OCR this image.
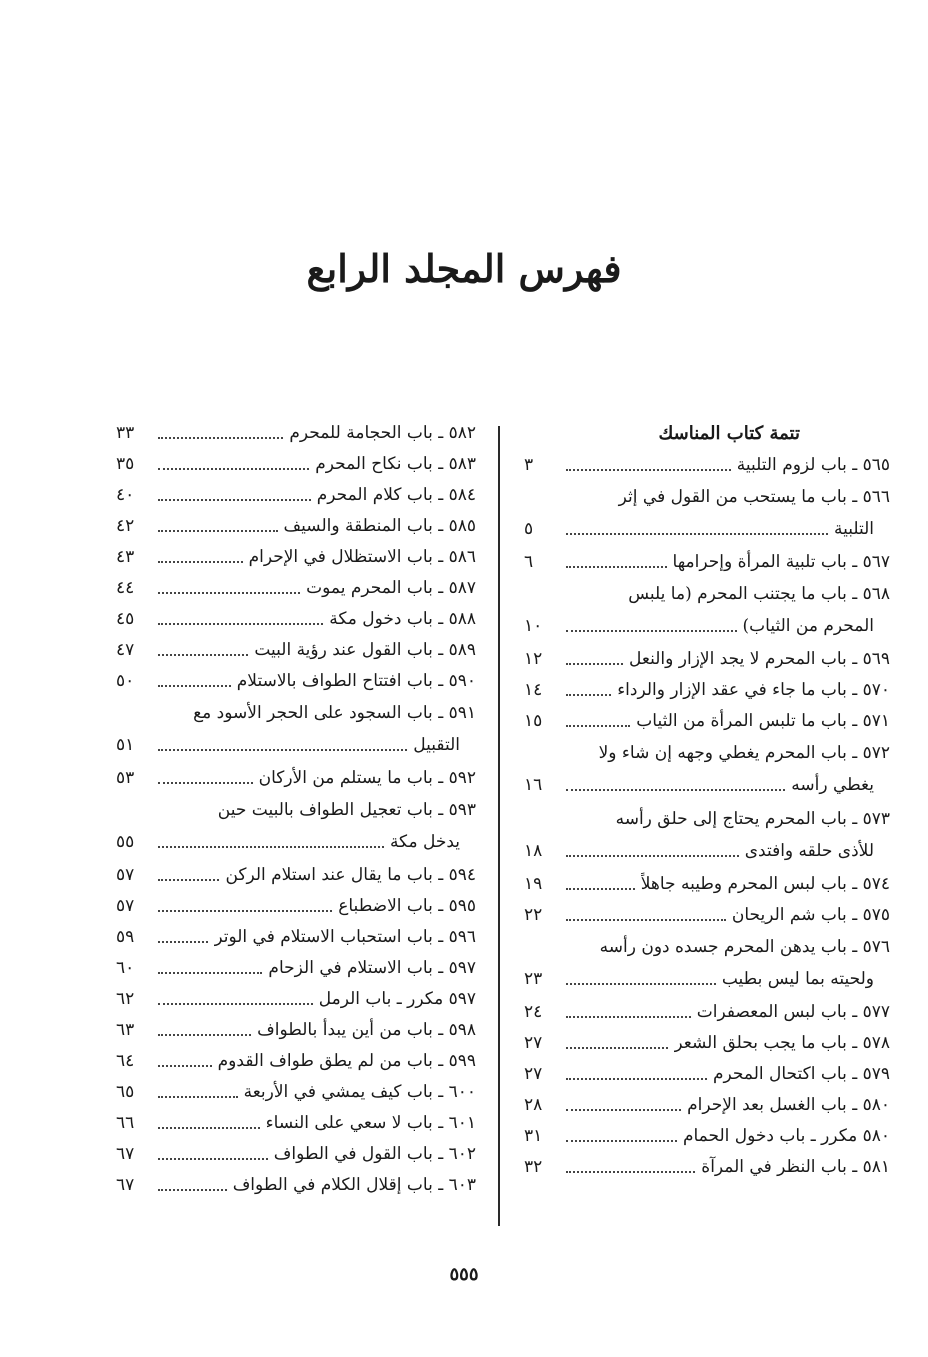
فهرس المجلد الرابع
تتمة كتاب المناسك
٥٦٥ ـ باب لزوم التلبية
٣
٥٦٦ ـ باب ما يستحب من القول في إثر
التلبية
٥
٥٦٧ ـ باب تلبية المرأة وإحرامها
٦
٥٦٨ ـ باب ما يجتنب المحرم (ما يلبس
المحرم من الثياب)
١٠
٥٦٩ ـ باب المحرم لا يجد الإزار والنعل
١٢
٥٧٠ ـ باب ما جاء في عقد الإزار والرداء
١٤
٥٧١ ـ باب ما تلبس المرأة من الثياب
١٥
٥٧٢ ـ باب المحرم يغطي وجهه إن شاء ولا
يغطي رأسه
١٦
٥٧٣ ـ باب المحرم يحتاج إلى حلق رأسه
للأذى حلقه وافتدى
١٨
٥٧٤ ـ باب لبس المحرم وطيبه جاهلاً
١٩
٥٧٥ ـ باب شم الريحان
٢٢
٥٧٦ ـ باب يدهن المحرم جسده دون رأسه
ولحيته بما ليس بطيب
٢٣
٥٧٧ ـ باب لبس المعصفرات
٢٤
٥٧٨ ـ باب ما يجب بحلق الشعر
٢٧
٥٧٩ ـ باب اكتحال المحرم
٢٧
٥٨٠ ـ باب الغسل بعد الإحرام
٢٨
٥٨٠ مكرر ـ باب دخول الحمام
٣١
٥٨١ ـ باب النظر في المرآة
٣٢
٥٨٢ ـ باب الحجامة للمحرم
٣٣
٥٨٣ ـ باب نكاح المحرم
٣٥
٥٨٤ ـ باب كلام المحرم
٤٠
٥٨٥ ـ باب المنطقة والسيف
٤٢
٥٨٦ ـ باب الاستظلال في الإحرام
٤٣
٥٨٧ ـ باب المحرم يموت
٤٤
٥٨٨ ـ باب دخول مكة
٤٥
٥٨٩ ـ باب القول عند رؤية البيت
٤٧
٥٩٠ ـ باب افتتاح الطواف بالاستلام
٥٠
٥٩١ ـ باب السجود على الحجر الأسود مع
التقبيل
٥١
٥٩٢ ـ باب ما يستلم من الأركان
٥٣
٥٩٣ ـ باب تعجيل الطواف بالبيت حين
يدخل مكة
٥٥
٥٩٤ ـ باب ما يقال عند استلام الركن
٥٧
٥٩٥ ـ باب الاضطباع
٥٧
٥٩٦ ـ باب استحباب الاستلام في الوتر
٥٩
٥٩٧ ـ باب الاستلام في الزحام
٦٠
٥٩٧ مكرر ـ باب الرمل
٦٢
٥٩٨ ـ باب من أين يبدأ بالطواف
٦٣
٥٩٩ ـ باب من لم يطق طواف القدوم
٦٤
٦٠٠ ـ باب كيف يمشي في الأربعة
٦٥
٦٠١ ـ باب لا سعي على النساء
٦٦
٦٠٢ ـ باب القول في الطواف
٦٧
٦٠٣ ـ باب إقلال الكلام في الطواف
٦٧
٥٥٥
